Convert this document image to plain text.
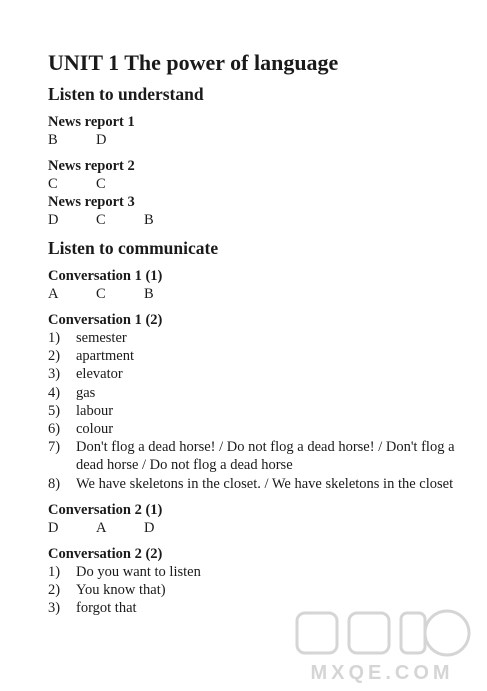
UNIT 1 The power of language
Listen to understand
News report 1
B	D
News report 2
C	C
News report 3
D	C	B
Listen to communicate
Conversation 1 (1)
A	C	B
Conversation 1 (2)
1)	semester
2)	apartment
3)	elevator
4)	gas
5)	labour
6)	colour
7)	Don't flog a dead horse! / Do not flog a dead horse! / Don't flog a dead horse / Do not flog a dead horse
8)	We have skeletons in the closet. / We have skeletons in the closet
Conversation 2 (1)
D	A	D
Conversation 2 (2)
1)	Do you want to listen
2)	You know that)
3)	forgot that
MXQE.COM
